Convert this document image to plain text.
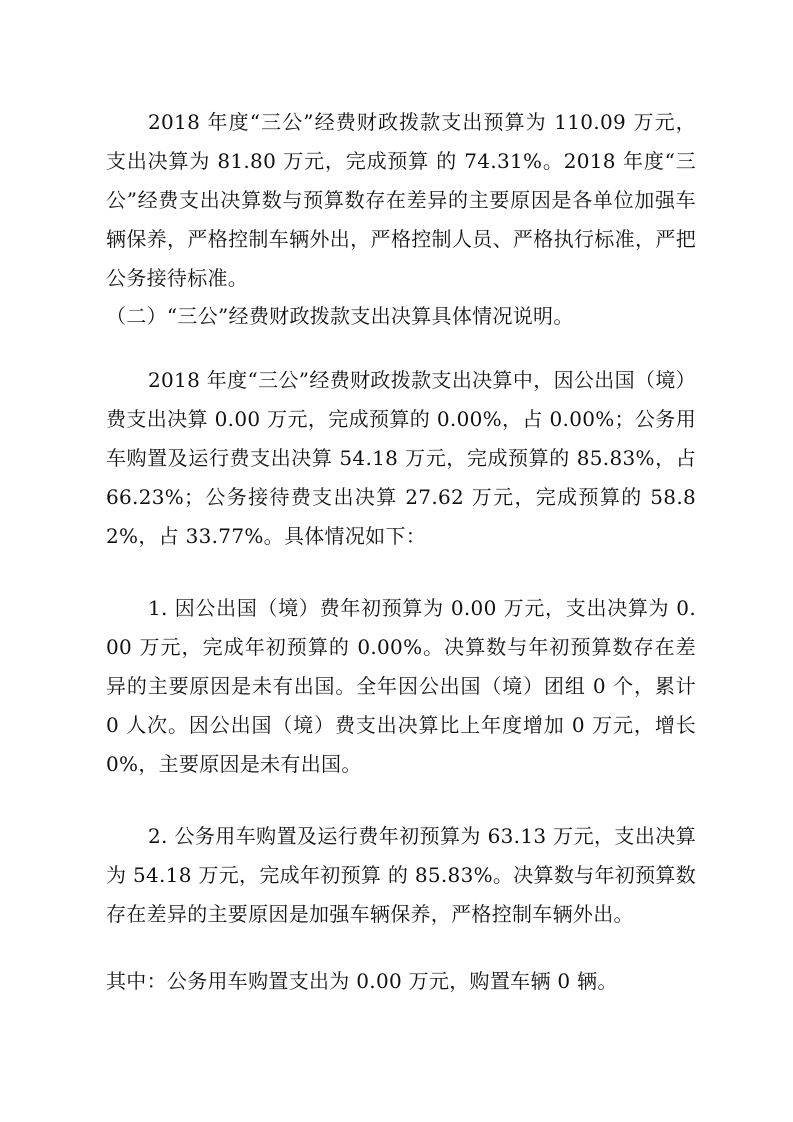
2018 年度“三公”经费财政拨款支出预算为 110.09 万元，支出决算为 81.80 万元，完成预算 的 74.31%。2018 年度“三公”经费支出决算数与预算数存在差异的主要原因是各单位加强车辆保养，严格控制车辆外出，严格控制人员、严格执行标准，严把公务接待标准。

（二）“三公”经费财政拨款支出决算具体情况说明。

2018 年度“三公”经费财政拨款支出决算中，因公出国（境）费支出决算 0.00 万元，完成预算的 0.00%，占 0.00%；公务用车购置及运行费支出决算 54.18 万元，完成预算的 85.83%，占 66.23%；公务接待费支出决算 27.62 万元，完成预算的 58.82%，占 33.77%。具体情况如下：

1. 因公出国（境）费年初预算为 0.00 万元，支出决算为 0.00 万元，完成年初预算的 0.00%。决算数与年初预算数存在差异的主要原因是未有出国。全年因公出国（境）团组 0 个，累计 0 人次。因公出国（境）费支出决算比上年度增加 0 万元，增长 0%，主要原因是未有出国。

2. 公务用车购置及运行费年初预算为 63.13 万元，支出决算为 54.18 万元，完成年初预算 的 85.83%。决算数与年初预算数存在差异的主要原因是加强车辆保养，严格控制车辆外出。

其中：公务用车购置支出为 0.00 万元，购置车辆 0 辆。
